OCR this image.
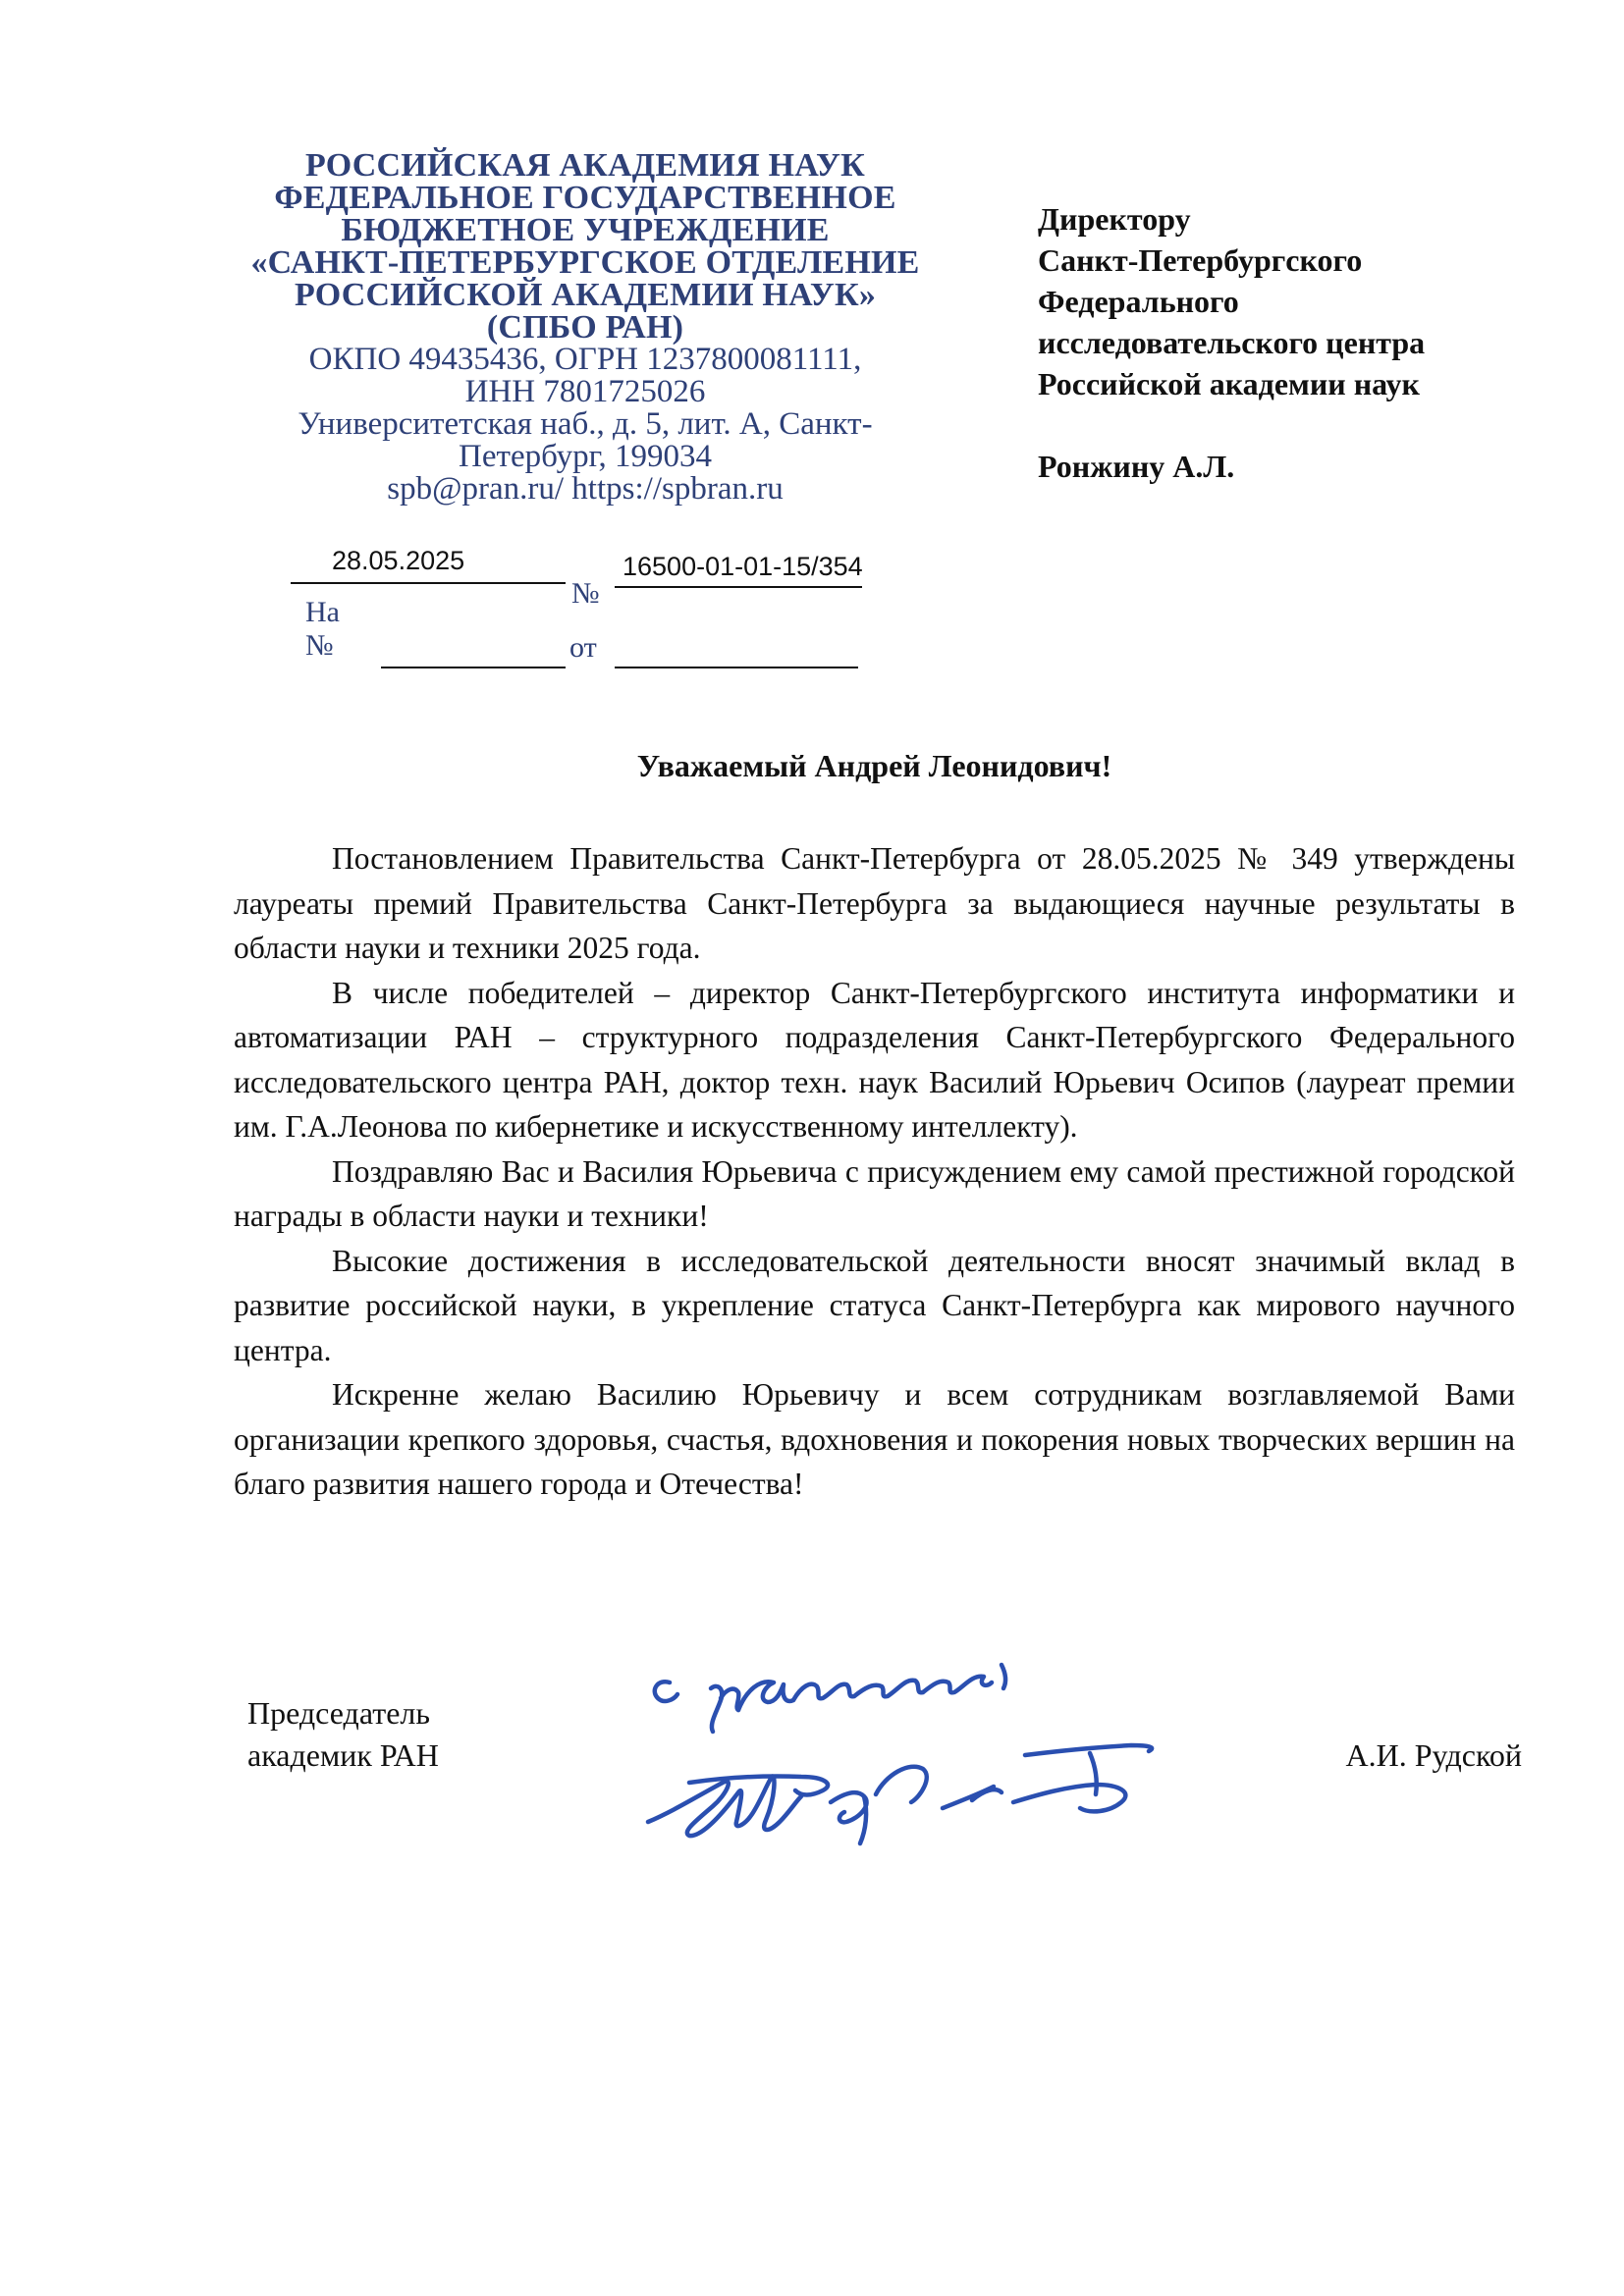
РОССИЙСКАЯ АКАДЕМИЯ НАУК
ФЕДЕРАЛЬНОЕ ГОСУДАРСТВЕННОЕ
БЮДЖЕТНОЕ УЧРЕЖДЕНИЕ
«САНКТ-ПЕТЕРБУРГСКОЕ ОТДЕЛЕНИЕ
РОССИЙСКОЙ АКАДЕМИИ НАУК»
(СПБО РАН)
ОКПО 49435436, ОГРН 1237800081111,
ИНН 7801725026
Университетская наб., д. 5, лит. А, Санкт-
Петербург, 199034
spb@pran.ru/ https://spbran.ru
28.05.2025
№
16500-01-01-15/354
На
№	от
Директору
Санкт-Петербургского
Федерального
исследовательского центра
Российской академии наук
Ронжину А.Л.
Уважаемый Андрей Леонидович!

Постановлением Правительства Санкт-Петербурга от 28.05.2025 № 349 утверждены лауреаты премий Правительства Санкт-Петербурга за выдающиеся научные результаты в области науки и техники 2025 года.

В числе победителей – директор Санкт-Петербургского института информатики и автоматизации РАН – структурного подразделения Санкт-Петербургского Федерального исследовательского центра РАН, доктор техн. наук Василий Юрьевич Осипов (лауреат премии им. Г.А.Леонова по кибернетике и искусственному интеллекту).

Поздравляю Вас и Василия Юрьевича с присуждением ему самой престижной городской награды в области науки и техники!

Высокие достижения в исследовательской деятельности вносят значимый вклад в развитие российской науки, в укрепление статуса Санкт-Петербурга как мирового научного центра.

Искренне желаю Василию Юрьевичу и всем сотрудникам возглавляемой Вами организации крепкого здоровья, счастья, вдохновения и покорения новых творческих вершин на благо развития нашего города и Отечества!

Председатель
академик РАН	А.И. Рудской
